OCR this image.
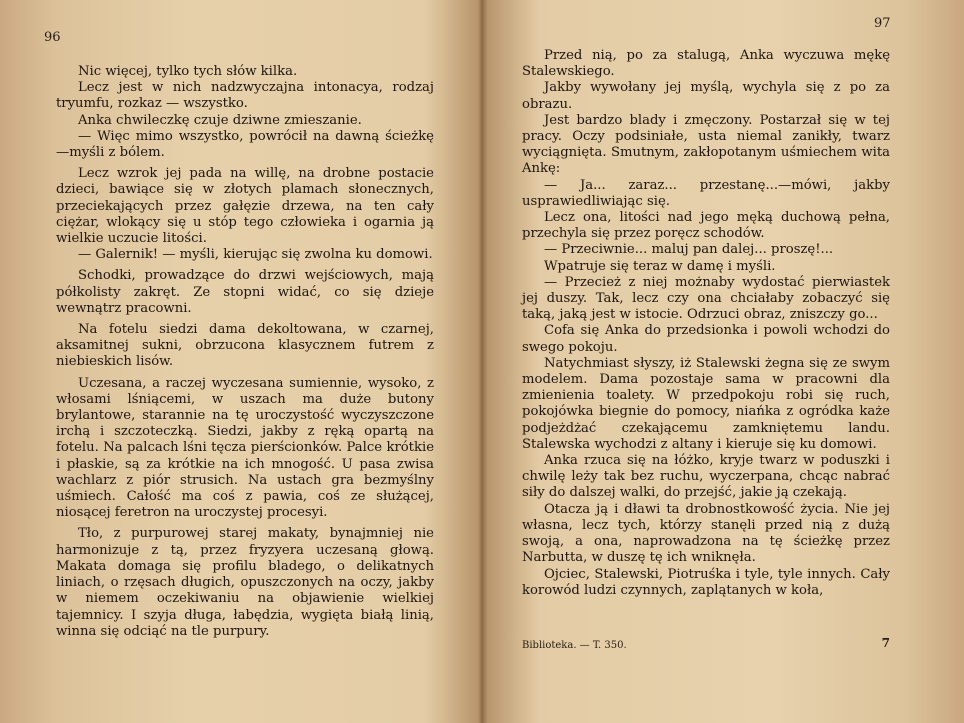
96

Nic więcej, tylko tych słów kilka.

Lecz jest w nich nadzwyczajna intonacya, rodzaj tryumfu, rozkaz — wszystko.

Anka chwileczkę czuje dziwne zmieszanie.

— Więc mimo wszystko, powrócił na dawną ścieżkę—myśli z bólem.

Lecz wzrok jej pada na willę, na drobne postacie dzieci, bawiące się w złotych plamach słonecznych, przeciekających przez gałęzie drzewa, na ten cały ciężar, wlokący się u stóp tego człowieka i ogarnia ją wielkie uczucie litości.

— Galernik! — myśli, kierując się zwolna ku domowi.

Schodki, prowadzące do drzwi wejściowych, mają półkolisty zakręt. Ze stopni widać, co się dzieje wewnątrz pracowni.

Na fotelu siedzi dama dekoltowana, w czarnej, aksamitnej sukni, obrzucona klasycznem futrem z niebieskich lisów.

Uczesana, a raczej wyczesana sumiennie, wysoko, z włosami lśniącemi, w uszach ma duże butony brylantowe, starannie na tę uroczystość wyczyszczone irchą i szczoteczką. Siedzi, jakby z ręką opartą na fotelu. Na palcach lśni tęcza pierścionków. Palce krótkie i płaskie, są za krótkie na ich mnogość. U pasa zwisa wachlarz z piór strusich. Na ustach gra bezmyślny uśmiech. Całość ma coś z pawia, coś ze służącej, niosącej feretron na uroczystej procesyi.

Tło, z purpurowej starej makaty, bynajmniej nie harmonizuje z tą, przez fryzyera uczesaną głową. Makata domaga się profilu bladego, o delikatnych liniach, o rzęsach długich, opuszczonych na oczy, jakby w niemem oczekiwaniu na objawienie wielkiej tajemnicy. I szyja długa, łabędzia, wygięta białą linią, winna się odciąć na tle purpury.

97

Przed nią, po za stalugą, Anka wyczuwa mękę Stalewskiego.

Jakby wywołany jej myślą, wychyla się z po za obrazu.

Jest bardzo blady i zmęczony. Postarzał się w tej pracy. Oczy podsiniałe, usta niemal zanikły, twarz wyciągnięta. Smutnym, zakłopotanym uśmiechem wita Ankę:

— Ja... zaraz... przestanę...—mówi, jakby usprawiedliwiając się.

Lecz ona, litości nad jego męką duchową pełna, przechyla się przez poręcz schodów.

— Przeciwnie... maluj pan dalej... proszę!...

Wpatruje się teraz w damę i myśli.

— Przecież z niej możnaby wydostać pierwiastek jej duszy. Tak, lecz czy ona chciałaby zobaczyć się taką, jaką jest w istocie. Odrzuci obraz, zniszczy go...

Cofa się Anka do przedsionka i powoli wchodzi do swego pokoju.

Natychmiast słyszy, iż Stalewski żegna się ze swym modelem. Dama pozostaje sama w pracowni dla zmienienia toalety. W przedpokoju robi się ruch, pokojówka biegnie do pomocy, niańka z ogródka każe podjeżdżać czekającemu zamkniętemu landu. Stalewska wychodzi z altany i kieruje się ku domowi.

Anka rzuca się na łóżko, kryje twarz w poduszki i chwilę leży tak bez ruchu, wyczerpana, chcąc nabrać siły do dalszej walki, do przejść, jakie ją czekają.

Otacza ją i dławi ta drobnostkowość życia. Nie jej własna, lecz tych, którzy stanęli przed nią z dużą swoją, a ona, naprowadzona na tę ścieżkę przez Narbutta, w duszę tę ich wniknęła.

Ojciec, Stalewski, Piotruśka i tyle, tyle innych. Cały korowód ludzi czynnych, zaplątanych w koła,

Biblioteka. — T. 350.	7
